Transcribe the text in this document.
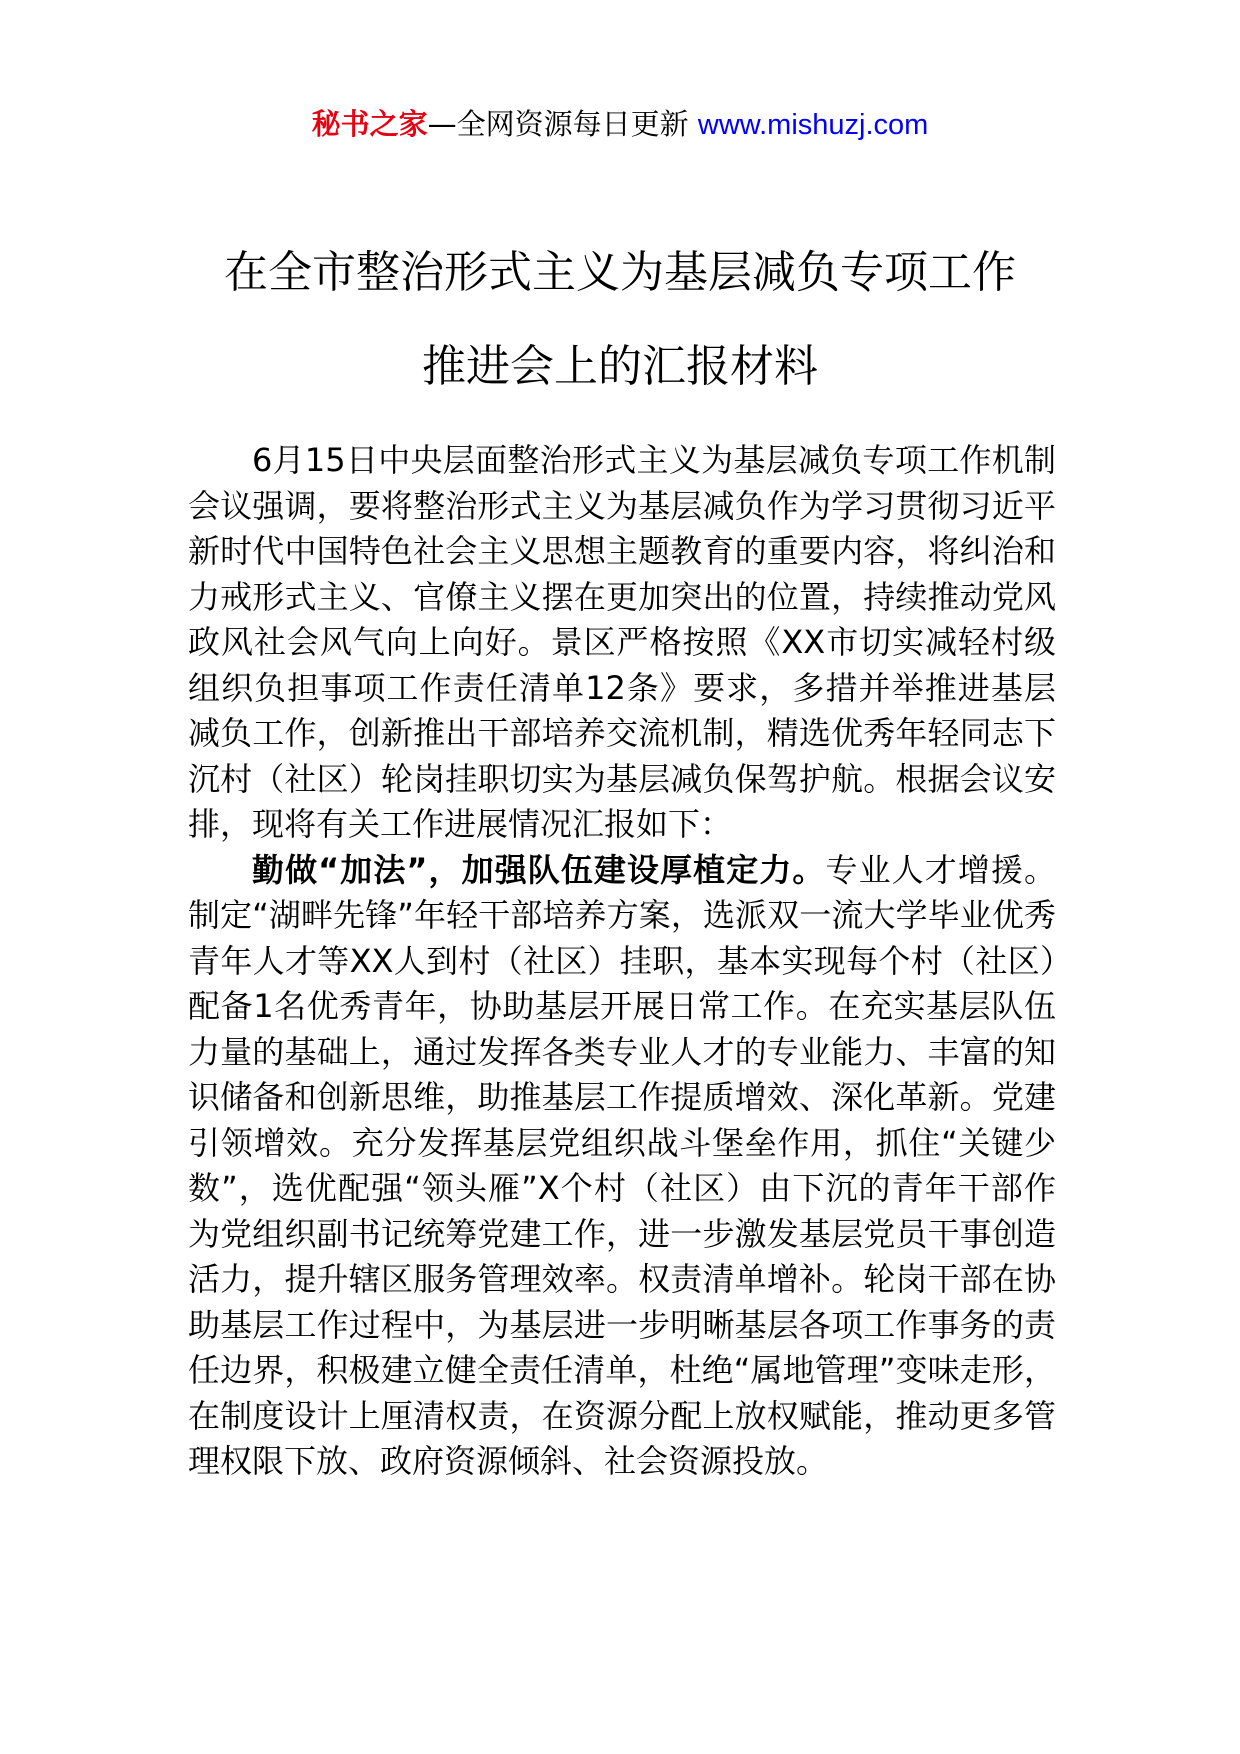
秘书之家—全网资源每日更新 www.mishuzj.com
在全市整治形式主义为基层减负专项工作
推进会上的汇报材料

6月15日中央层面整治形式主义为基层减负专项工作机制会议强调，要将整治形式主义为基层减负作为学习贯彻习近平新时代中国特色社会主义思想主题教育的重要内容，将纠治和力戒形式主义、官僚主义摆在更加突出的位置，持续推动党风政风社会风气向上向好。景区严格按照《XX市切实减轻村级组织负担事项工作责任清单12条》要求，多措并举推进基层减负工作，创新推出干部培养交流机制，精选优秀年轻同志下沉村（社区）轮岗挂职切实为基层减负保驾护航。根据会议安排，现将有关工作进展情况汇报如下：

勤做“加法”，加强队伍建设厚植定力。专业人才增援。制定“湖畔先锋”年轻干部培养方案，选派双一流大学毕业优秀青年人才等XX人到村（社区）挂职，基本实现每个村（社区）配备1名优秀青年，协助基层开展日常工作。在充实基层队伍力量的基础上，通过发挥各类专业人才的专业能力、丰富的知识储备和创新思维，助推基层工作提质增效、深化革新。党建引领增效。充分发挥基层党组织战斗堡垒作用，抓住“关键少数”，选优配强“领头雁”X个村（社区）由下沉的青年干部作为党组织副书记统筹党建工作，进一步激发基层党员干事创造活力，提升辖区服务管理效率。权责清单增补。轮岗干部在协助基层工作过程中，为基层进一步明晰基层各项工作事务的责任边界，积极建立健全责任清单，杜绝“属地管理”变味走形，在制度设计上厘清权责，在资源分配上放权赋能，推动更多管理权限下放、政府资源倾斜、社会资源投放。
